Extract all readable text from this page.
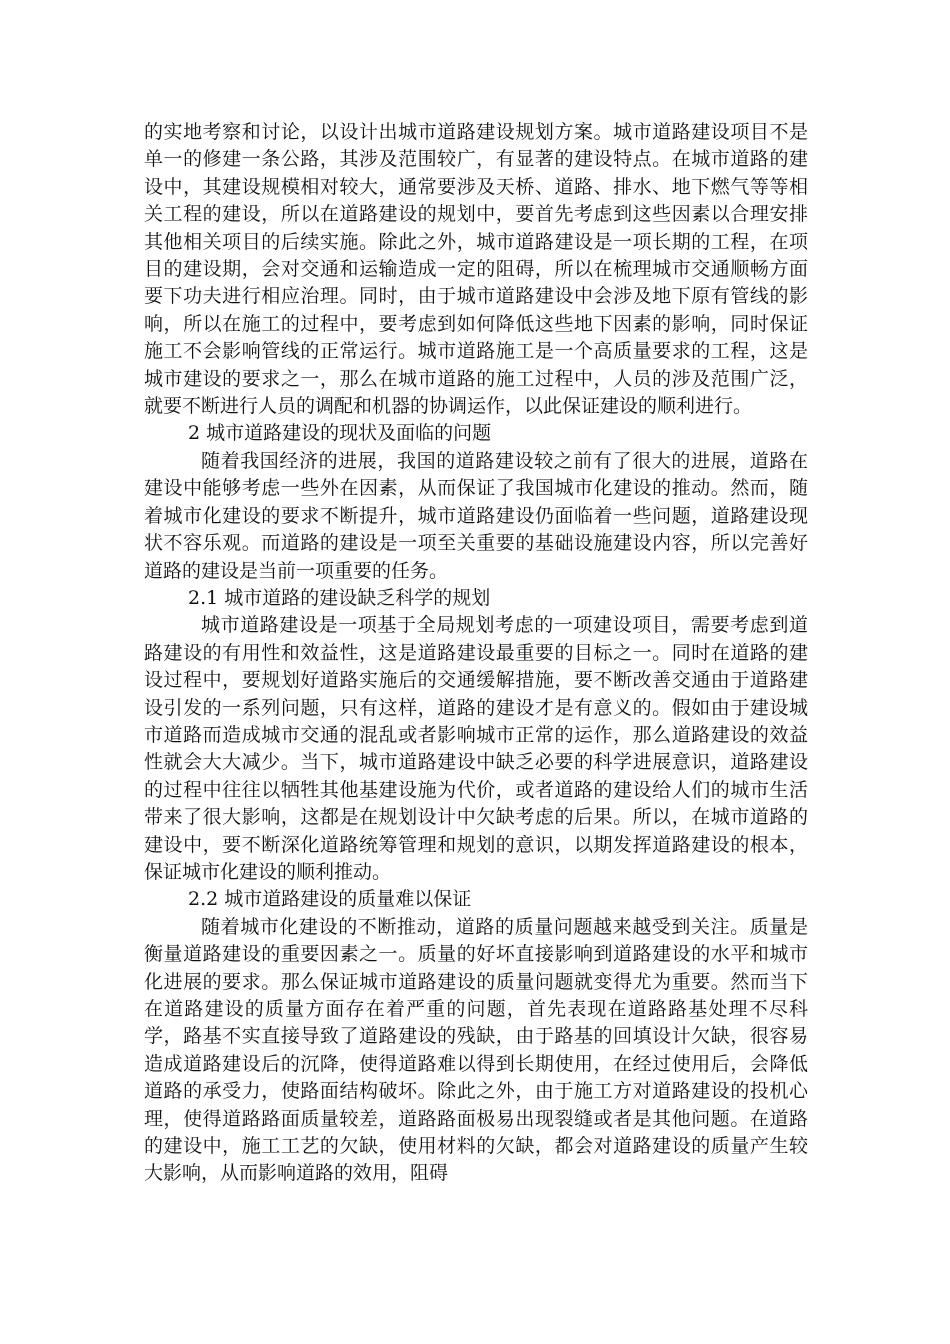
的实地考察和讨论，以设计出城市道路建设规划方案。城市道路建设项目不是单一的修建一条公路，其涉及范围较广，有显著的建设特点。在城市道路的建设中，其建设规模相对较大，通常要涉及天桥、道路、排水、地下燃气等等相关工程的建设，所以在道路建设的规划中，要首先考虑到这些因素以合理安排其他相关项目的后续实施。除此之外，城市道路建设是一项长期的工程，在项目的建设期，会对交通和运输造成一定的阻碍，所以在梳理城市交通顺畅方面要下功夫进行相应治理。同时，由于城市道路建设中会涉及地下原有管线的影响，所以在施工的过程中，要考虑到如何降低这些地下因素的影响，同时保证施工不会影响管线的正常运行。城市道路施工是一个高质量要求的工程，这是城市建设的要求之一，那么在城市道路的施工过程中，人员的涉及范围广泛，就要不断进行人员的调配和机器的协调运作，以此保证建设的顺利进行。

2 城市道路建设的现状及面临的问题

随着我国经济的进展，我国的道路建设较之前有了很大的进展，道路在建设中能够考虑一些外在因素，从而保证了我国城市化建设的推动。然而，随着城市化建设的要求不断提升，城市道路建设仍面临着一些问题，道路建设现状不容乐观。而道路的建设是一项至关重要的基础设施建设内容，所以完善好道路的建设是当前一项重要的任务。

2.1 城市道路的建设缺乏科学的规划

城市道路建设是一项基于全局规划考虑的一项建设项目，需要考虑到道路建设的有用性和效益性，这是道路建设最重要的目标之一。同时在道路的建设过程中，要规划好道路实施后的交通缓解措施，要不断改善交通由于道路建设引发的一系列问题，只有这样，道路的建设才是有意义的。假如由于建设城市道路而造成城市交通的混乱或者影响城市正常的运作，那么道路建设的效益性就会大大减少。当下，城市道路建设中缺乏必要的科学进展意识，道路建设的过程中往往以牺牲其他基建设施为代价，或者道路的建设给人们的城市生活带来了很大影响，这都是在规划设计中欠缺考虑的后果。所以，在城市道路的建设中，要不断深化道路统筹管理和规划的意识，以期发挥道路建设的根本，保证城市化建设的顺利推动。

2.2 城市道路建设的质量难以保证

随着城市化建设的不断推动，道路的质量问题越来越受到关注。质量是衡量道路建设的重要因素之一。质量的好坏直接影响到道路建设的水平和城市化进展的要求。那么保证城市道路建设的质量问题就变得尤为重要。然而当下在道路建设的质量方面存在着严重的问题，首先表现在道路路基处理不尽科学，路基不实直接导致了道路建设的残缺，由于路基的回填设计欠缺，很容易造成道路建设后的沉降，使得道路难以得到长期使用，在经过使用后，会降低道路的承受力，使路面结构破坏。除此之外，由于施工方对道路建设的投机心理，使得道路路面质量较差，道路路面极易出现裂缝或者是其他问题。在道路的建设中，施工工艺的欠缺，使用材料的欠缺，都会对道路建设的质量产生较大影响，从而影响道路的效用，阻碍
